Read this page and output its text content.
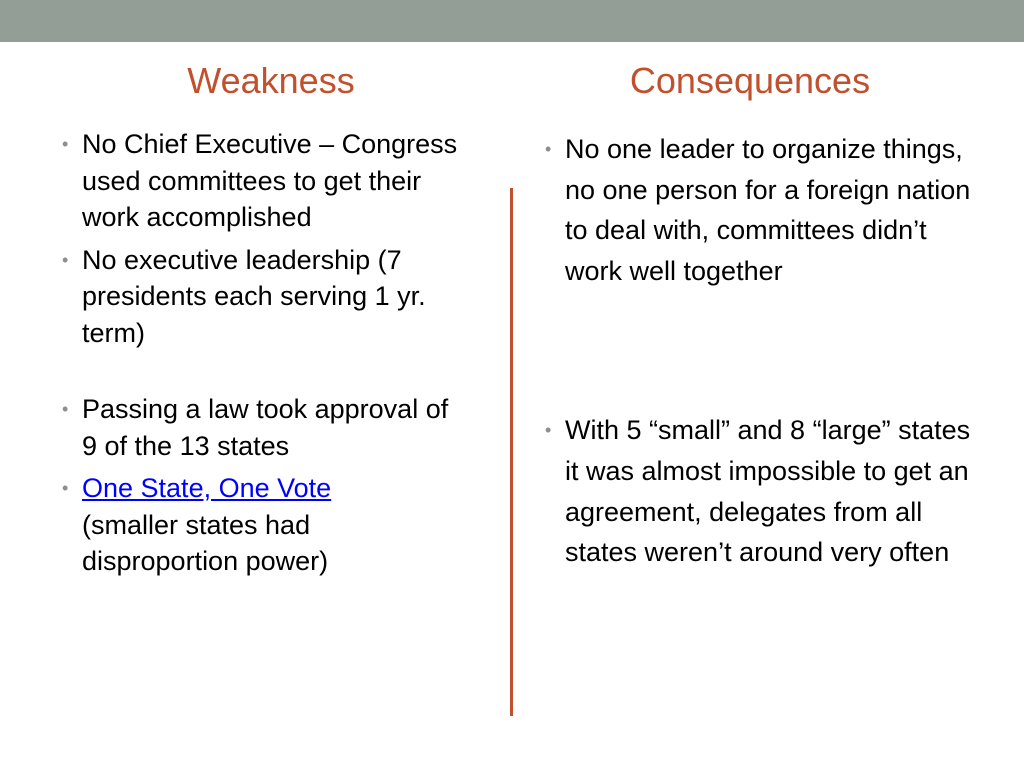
Weakness	Consequences
•
No Chief Executive – Congress used committees to get their work accomplished
•
No executive leadership (7 presidents each serving 1 yr. term)
•
Passing a law took approval of 9 of the 13 states
•
One State, One Vote
(smaller states had disproportion power)
•
No one leader to organize things, no one person for a foreign nation to deal with, committees didn’t work well together
•
With 5 “small” and 8 “large” states it was almost impossible to get an agreement, delegates from all states weren’t around very often
